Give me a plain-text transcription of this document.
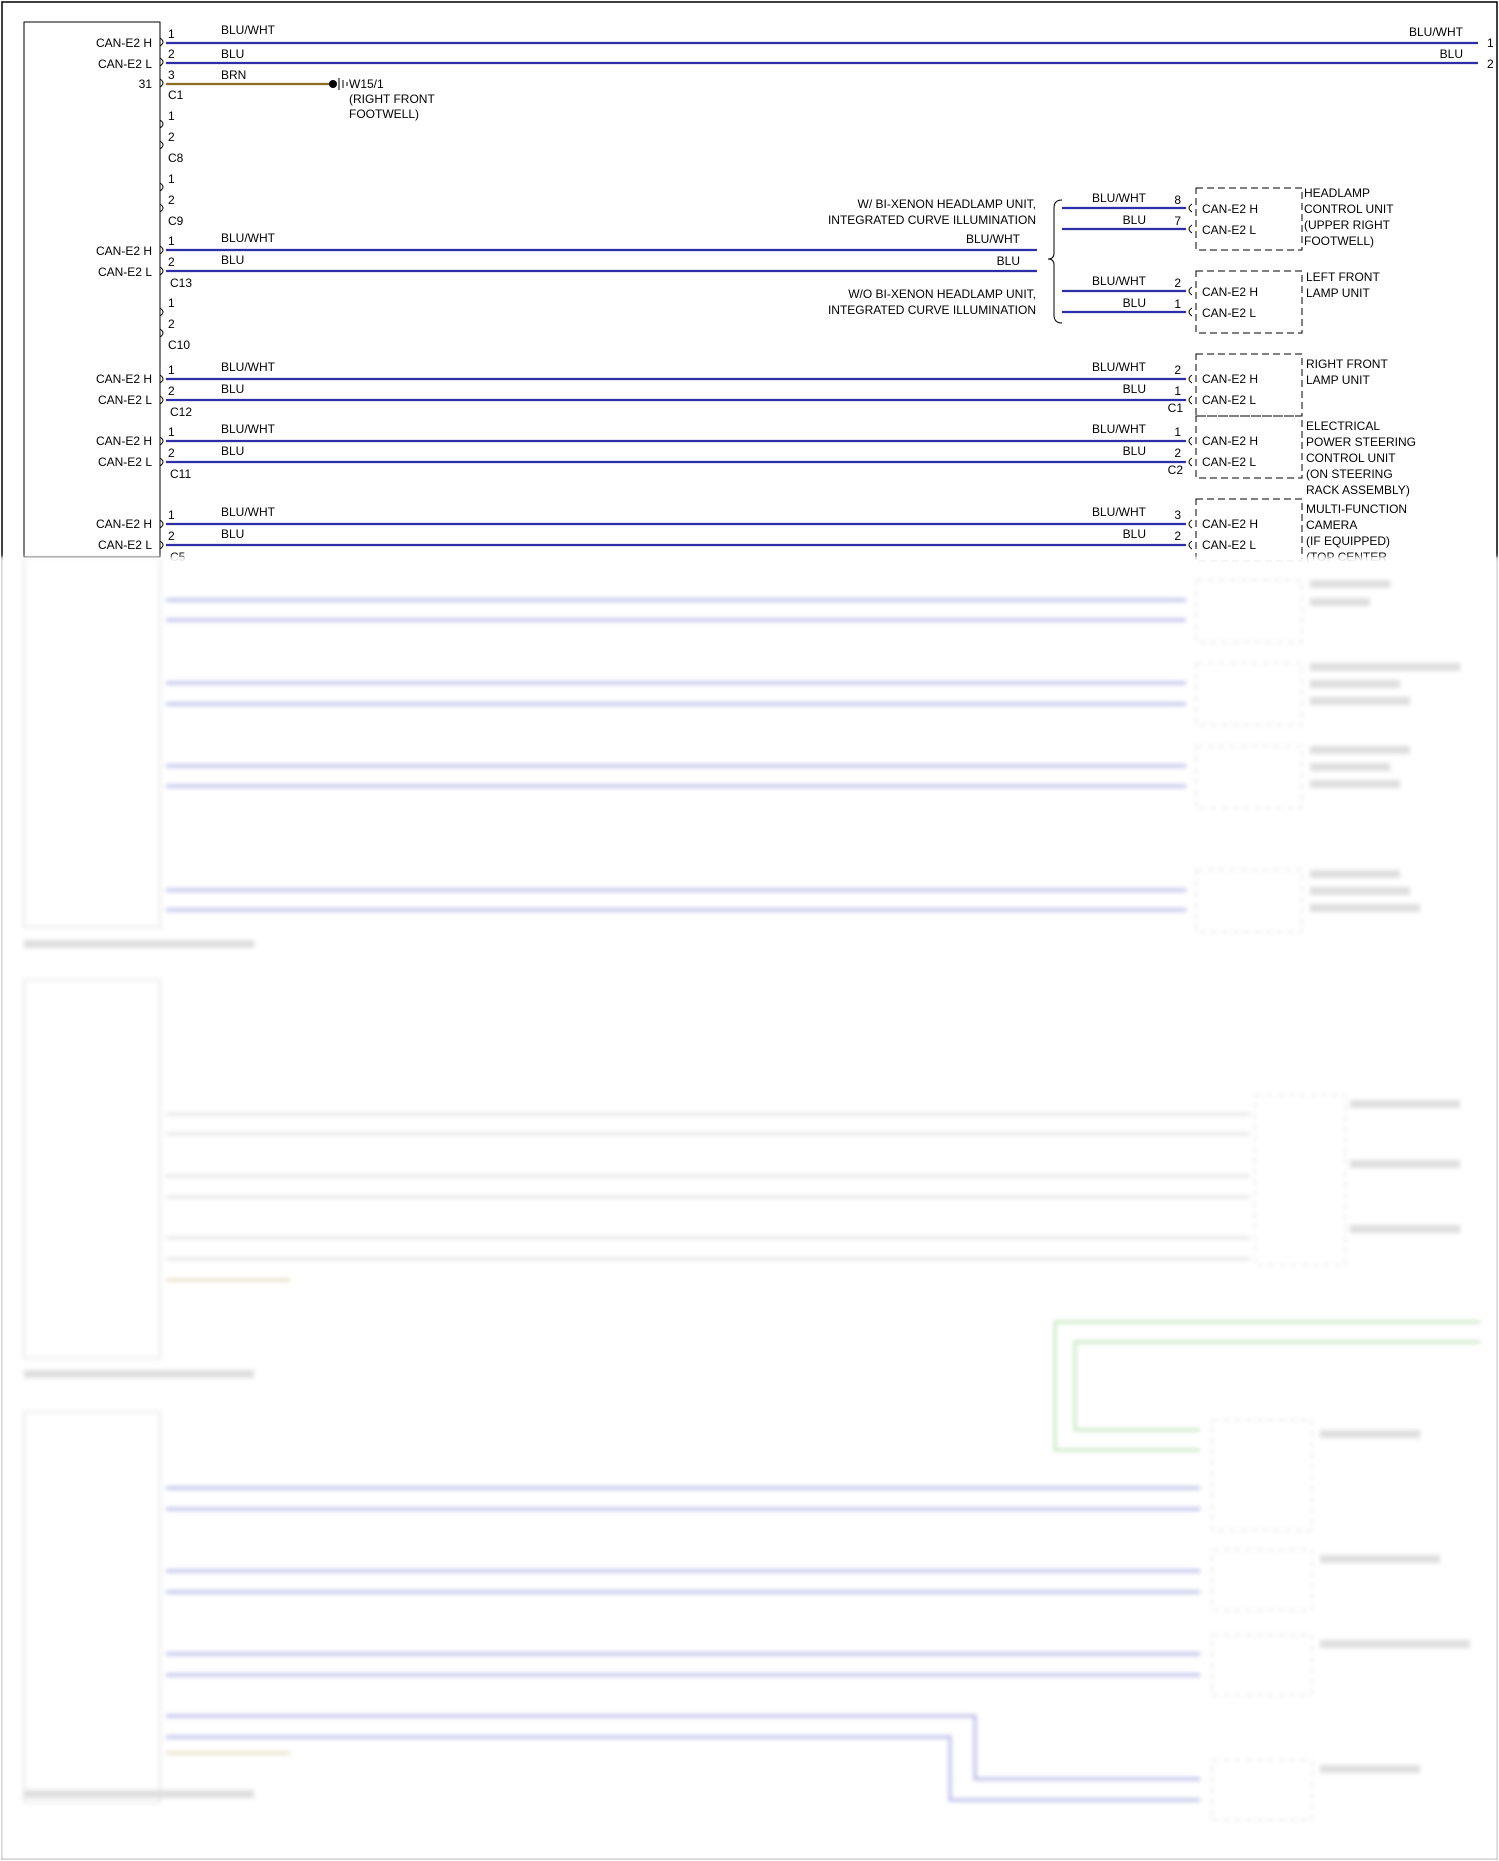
CAN-E2 H
CAN-E2 L
31
1
2
3
C1
BLU/WHT
BLU
BRN
BLU/WHT
BLU
1
2
W15/1
(RIGHT FRONT
FOOTWELL)
1
2
C8
1
2
C9
CAN-E2 H
CAN-E2 L
1
2
C13
BLU/WHT
BLU
BLU/WHT
BLU
W/ BI-XENON HEADLAMP UNIT,
INTEGRATED CURVE ILLUMINATION
W/O BI-XENON HEADLAMP UNIT,
INTEGRATED CURVE ILLUMINATION
BLU/WHT
BLU
8
7
CAN-E2 H
CAN-E2 L
HEADLAMP
CONTROL UNIT
(UPPER RIGHT
FOOTWELL)
BLU/WHT
BLU
2
1
CAN-E2 H
CAN-E2 L
LEFT FRONT
LAMP UNIT
1
2
C10
CAN-E2 H
CAN-E2 L
1
2
C12
BLU/WHT
BLU
BLU/WHT
BLU
2
1
C1
CAN-E2 H
CAN-E2 L
RIGHT FRONT
LAMP UNIT
CAN-E2 H
CAN-E2 L
1
2
C11
BLU/WHT
BLU
BLU/WHT
BLU
1
2
C2
CAN-E2 H
CAN-E2 L
ELECTRICAL
POWER STEERING
CONTROL UNIT
(ON STEERING
RACK ASSEMBLY)
CAN-E2 H
CAN-E2 L
1
2
BLU/WHT
BLU
BLU/WHT
BLU
3
2
CAN-E2 H
CAN-E2 L
MULTI-FUNCTION
CAMERA
(IF EQUIPPED)
